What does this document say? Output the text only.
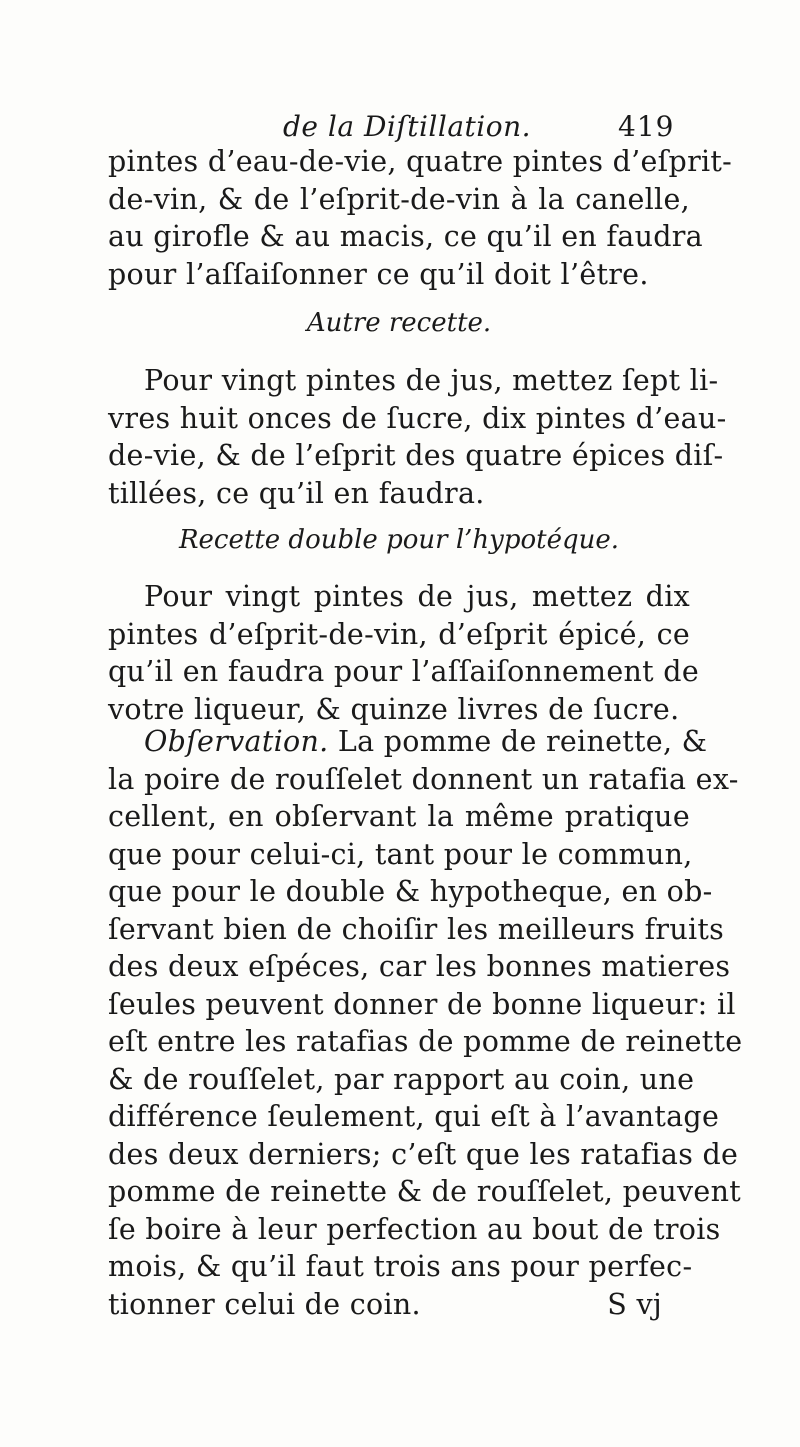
de la Diſtillation.	419
pintes d’eau-de-vie, quatre pintes d’eſprit-
de-vin, & de l’eſprit-de-vin à la canelle,
au girofle & au macis, ce qu’il en faudra
pour l’aſſaiſonner ce qu’il doit l’être.
Autre recette.
Pour vingt pintes de jus, mettez ſept li-
vres huit onces de ſucre, dix pintes d’eau-
de-vie, & de l’eſprit des quatre épices diſ-
tillées, ce qu’il en faudra.
Recette double pour l’hypotéque.
Pour vingt pintes de jus, mettez dix
pintes d’eſprit-de-vin, d’eſprit épicé, ce
qu’il en faudra pour l’aſſaiſonnement de
votre liqueur, & quinze livres de ſucre.
Obſervation. La pomme de reinette, &
la poire de rouſſelet donnent un ratafia ex-
cellent, en obſervant la même pratique
que pour celui-ci, tant pour le commun,
que pour le double & hypotheque, en ob-
ſervant bien de choiſir les meilleurs fruits
des deux eſpéces, car les bonnes matieres
ſeules peuvent donner de bonne liqueur: il
eſt entre les ratafias de pomme de reinette
& de rouſſelet, par rapport au coin, une
différence ſeulement, qui eſt à l’avantage
des deux derniers; c’eſt que les ratafias de
pomme de reinette & de rouſſelet, peuvent
ſe boire à leur perfection au bout de trois
mois, & qu’il faut trois ans pour perfec-
tionner celui de coin.	S vj
